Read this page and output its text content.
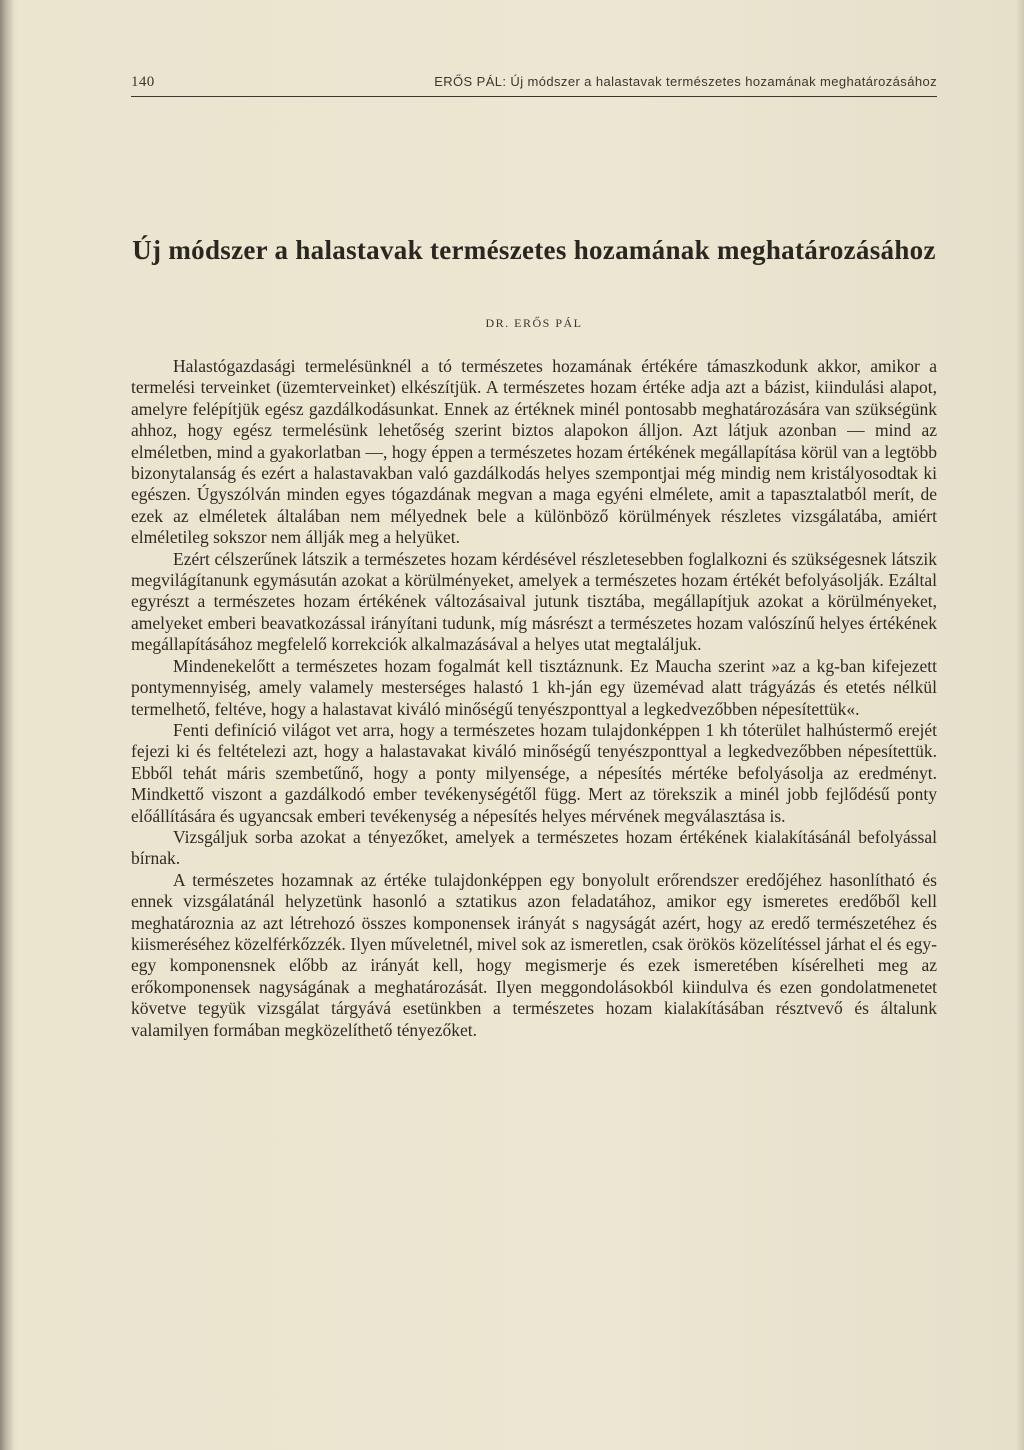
140	ERŐS PÁL: Új módszer a halastavak természetes hozamának meghatározásához
Új módszer a halastavak természetes hozamának meghatározásához
DR. ERŐS PÁL

Halastógazdasági termelésünknél a tó természetes hozamának értékére támaszkodunk akkor, amikor a termelési terveinket (üzemterveinket) elkészítjük. A természetes hozam értéke adja azt a bázist, kiindulási alapot, amelyre felépítjük egész gazdálkodásunkat. Ennek az értéknek minél pontosabb meghatározására van szükségünk ahhoz, hogy egész termelésünk lehetőség szerint biztos alapokon álljon. Azt látjuk azonban — mind az elméletben, mind a gyakorlatban —, hogy éppen a természetes hozam értékének megállapítása körül van a legtöbb bizonytalanság és ezért a halastavakban való gazdálkodás helyes szempontjai még mindig nem kristályosodtak ki egészen. Úgyszólván minden egyes tógazdának megvan a maga egyéni elmélete, amit a tapasztalatból merít, de ezek az elméletek általában nem mélyednek bele a különböző körülmények részletes vizsgálatába, amiért elméletileg sokszor nem állják meg a helyüket.

Ezért célszerűnek látszik a természetes hozam kérdésével részletesebben foglalkozni és szükségesnek látszik megvilágítanunk egymásután azokat a körülményeket, amelyek a természetes hozam értékét befolyásolják. Ezáltal egyrészt a természetes hozam értékének változásaival jutunk tisztába, megállapítjuk azokat a körülményeket, amelyeket emberi beavatkozással irányítani tudunk, míg másrészt a természetes hozam valószínű helyes értékének megállapításához megfelelő korrekciók alkalmazásával a helyes utat megtaláljuk.

Mindenekelőtt a természetes hozam fogalmát kell tisztáznunk. Ez Maucha szerint »az a kg-ban kifejezett pontymennyiség, amely valamely mesterséges halastó 1 kh-ján egy üzemévad alatt trágyázás és etetés nélkül termelhető, feltéve, hogy a halastavat kiváló minőségű tenyészponttyal a legkedvezőbben népesítettük«.

Fenti definíció világot vet arra, hogy a természetes hozam tulajdonképpen 1 kh tóterület halhústermő erejét fejezi ki és feltételezi azt, hogy a halastavakat kiváló minőségű tenyészponttyal a legkedvezőbben népesítettük. Ebből tehát máris szembetűnő, hogy a ponty milyensége, a népesítés mértéke befolyásolja az eredményt. Mindkettő viszont a gazdálkodó ember tevékenységétől függ. Mert az törekszik a minél jobb fejlődésű ponty előállítására és ugyancsak emberi tevékenység a népesítés helyes mérvének megválasztása is.

Vizsgáljuk sorba azokat a tényezőket, amelyek a természetes hozam értékének kialakításánál befolyással bírnak.

A természetes hozamnak az értéke tulajdonképpen egy bonyolult erőrendszer eredőjéhez hasonlítható és ennek vizsgálatánál helyzetünk hasonló a sztatikus azon feladatához, amikor egy ismeretes eredőből kell meghatároznia az azt létrehozó összes komponensek irányát s nagyságát azért, hogy az eredő természetéhez és kiismeréséhez közelférkőzzék. Ilyen műveletnél, mivel sok az ismeretlen, csak örökös közelítéssel járhat el és egy-egy komponensnek előbb az irányát kell, hogy megismerje és ezek ismeretében kísérelheti meg az erőkomponensek nagyságának a meghatározását. Ilyen meggondolásokból kiindulva és ezen gondolatmenetet követve tegyük vizsgálat tárgyává esetünkben a természetes hozam kialakításában résztvevő és általunk valamilyen formában megközelíthető tényezőket.
